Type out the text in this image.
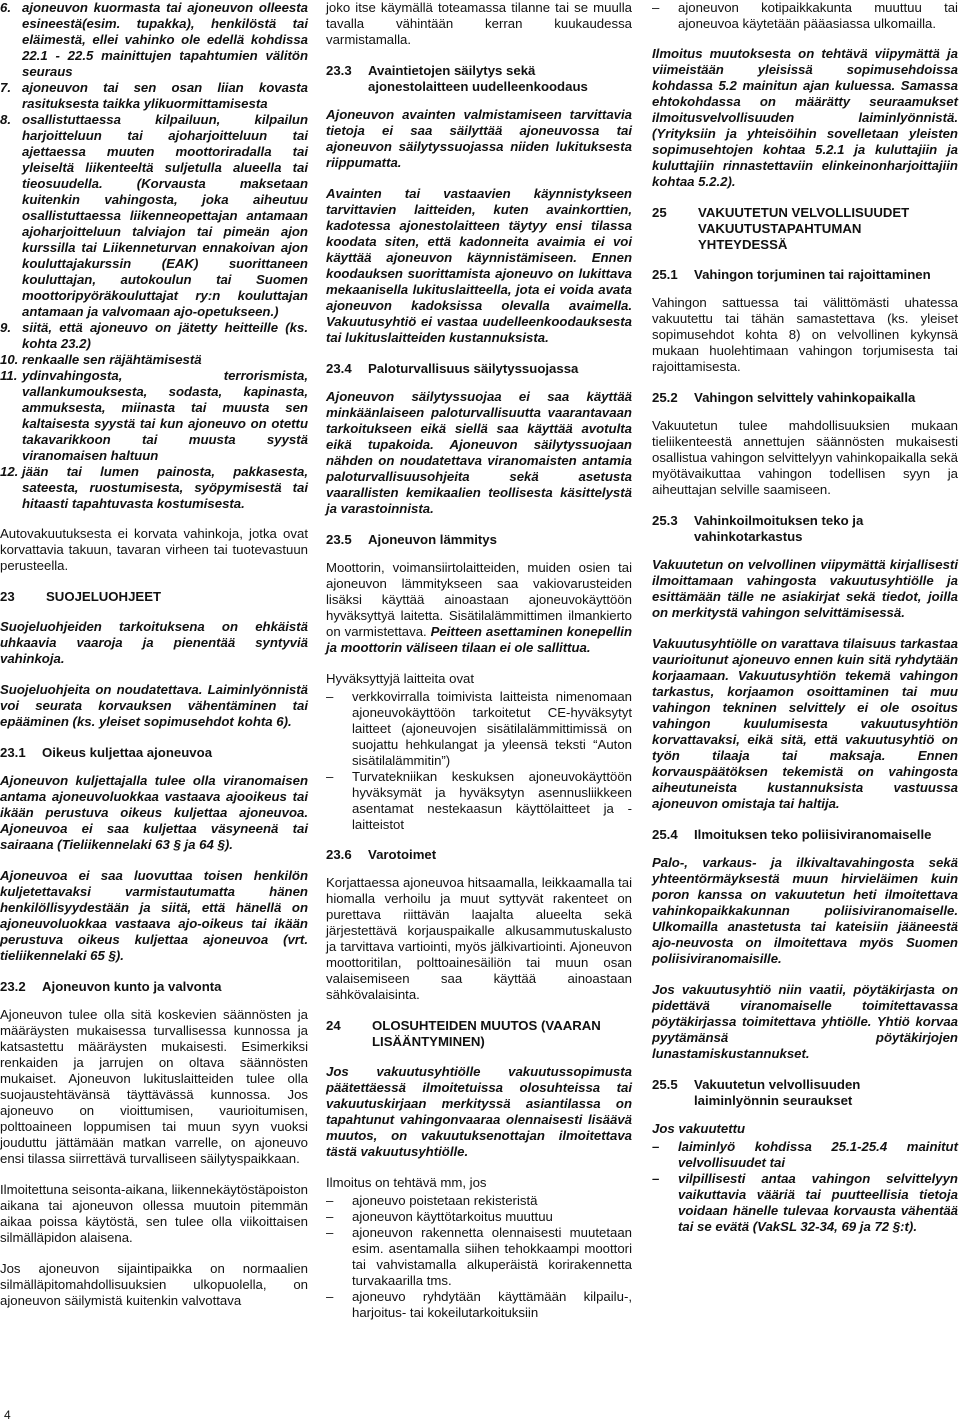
6. ajoneuvon kuormasta tai ajoneuvon olleesta esineestä(esim. tupakka), henkilöstä tai eläimestä, ellei vahinko ole edellä kohdissa 22.1 - 22.5 mainittujen tapahtumien välitön seuraus
7. ajoneuvon tai sen osan liian kovasta rasituksesta taikka ylikuormittamisesta
8. osallistuttaessa kilpailuun, kilpailun harjoitteluun tai ajoharjoitteluun tai ajettaessa muuten moottoriradalla tai yleiseltä liikenteeltä suljetulla alueella tai tieosuudella. (Korvausta maksetaan kuitenkin vahingosta, joka aiheutuu osallistuttaessa liikenneopettajan antamaan ajoharjoitteluun talviajon tai pimeän ajon kurssilla tai Liikenneturvan ennakoivan ajon kouluttajakurssin (EAK) suorittaneen kouluttajan, autokoulun tai Suomen moottoripyöräkouluttajat ry:n kouluttajan antamaan ja valvomaan ajo-opetukseen.)
9. siitä, että ajoneuvo on jätetty heitteille (ks. kohta 23.2)
10. renkaalle sen räjähtämisestä
11. ydinvahingosta, terrorismista, vallankumouksesta, sodasta, kapinasta, ammuksesta, miinasta tai muusta sen kaltaisesta syystä tai kun ajoneuvo on otettu takavarikkoon tai muusta syystä viranomaisen haltuun
12. jään tai lumen painosta, pakkasesta, sateesta, ruostumisesta, syöpymisestä tai hitaasti tapahtuvasta kostumisesta.

Autovakuutuksesta ei korvata vahinkoja, jotka ovat korvattavia takuun, tavaran virheen tai tuotevastuun perusteella.

23 SUOJELUOHJEET

Suojeluohjeiden tarkoituksena on ehkäistä uhkaavia vaaroja ja pienentää syntyviä vahinkoja.

Suojeluohjeita on noudatettava. Laiminlyönnistä voi seurata korvauksen vähentäminen tai epääminen (ks. yleiset sopimusehdot kohta 6).

23.1 Oikeus kuljettaa ajoneuvoa

Ajoneuvon kuljettajalla tulee olla viranomaisen antama ajoneuvoluokkaa vastaava ajooikeus tai ikään perustuva oikeus kuljettaa ajoneuvoa. Ajoneuvoa ei saa kuljettaa väsyneenä tai sairaana (Tieliikennelaki 63 § ja 64 §).

Ajoneuvoa ei saa luovuttaa toisen henkilön kuljetettavaksi varmistautumatta hänen henkilöllisyydestään ja siitä, että hänellä on ajoneuvoluokkaa vastaava ajo-oikeus tai ikään perustuva oikeus kuljettaa ajoneuvoa (vrt. tieliikennelaki 65 §).

23.2 Ajoneuvon kunto ja valvonta

Ajoneuvon tulee olla sitä koskevien säännösten ja määräysten mukaisessa turvallisessa kunnossa ja katsastettu määräysten mukaisesti. Esimerkiksi renkaiden ja jarrujen on oltava säännösten mukaiset. Ajoneuvon lukituslaitteiden tulee olla suojaustehtävänsä täyttävässä kunnossa. Jos ajoneuvo on vioittumisen, vaurioitumisen, polttoaineen loppumisen tai muun syyn vuoksi jouduttu jättämään matkan varrelle, on ajoneuvo ensi tilassa siirrettävä turvalliseen säilytyspaikkaan.

Ilmoitettuna seisonta-aikana, liikennekäytöstäpoiston aikana tai ajoneuvon ollessa muutoin pitemmän aikaa poissa käytöstä, sen tulee olla viikoittaisen silmälläpidon alaisena.

Jos ajoneuvon sijaintipaikka on normaalien silmälläpitomahdollisuuksien ulkopuolella, on ajoneuvon säilymistä kuitenkin valvottava

joko itse käymällä toteamassa tilanne tai se muulla tavalla vähintään kerran kuukaudessa varmistamalla.

23.3 Avaintietojen säilytys sekä ajonestolaitteen uudelleenkoodaus

Ajoneuvon avainten valmistamiseen tarvittavia tietoja ei saa säilyttää ajoneuvossa tai ajoneuvon säilytyssuojassa niiden lukituksesta riippumatta.

Avainten tai vastaavien käynnistykseen tarvittavien laitteiden, kuten avainkorttien, kadotessa ajonestolaitteen täytyy ensi tilassa koodata siten, että kadonneita avaimia ei voi käyttää ajoneuvon käynnistämiseen. Ennen koodauksen suorittamista ajoneuvo on lukittava mekaanisella lukituslaitteella, jota ei voida avata ajoneuvon kadoksissa olevalla avaimella. Vakuutusyhtiö ei vastaa uudelleenkoodauksesta tai lukituslaitteiden kustannuksista.

23.4 Paloturvallisuus säilytyssuojassa

Ajoneuvon säilytyssuojaa ei saa käyttää minkäänlaiseen paloturvallisuutta vaarantavaan tarkoitukseen eikä siellä saa käyttää avotulta eikä tupakoida. Ajoneuvon säilytyssuojaan nähden on noudatettava viranomaisten antamia paloturvallisuusohjeita sekä asetusta vaarallisten kemikaalien teollisesta käsittelystä ja varastoinnista.

23.5 Ajoneuvon lämmitys

Moottorin, voimansiirtolaitteiden, muiden osien tai ajoneuvon lämmitykseen saa vakiovarusteiden lisäksi käyttää ainoastaan ajoneuvokäyttöön hyväksyttyä laitetta. Sisätilalämmittimen ilmankierto on varmistettava. Peitteen asettaminen konepellin ja moottorin väliseen tilaan ei ole sallittua.

Hyväksyttyjä laitteita ovat

– verkkovirralla toimivista laitteista nimenomaan ajoneuvokäyttöön tarkoitetut CE-hyväksytyt laitteet (ajoneuvojen sisätilalämmittimissä on suojattu hehkulangat ja yleensä teksti “Auton sisätilalämmitin”)
– Turvatekniikan keskuksen ajoneuvokäyttöön hyväksymät ja hyväksytyn asennusliikkeen asentamat nestekaasun käyttölaitteet ja -laitteistot
23.6 Varotoimet

Korjattaessa ajoneuvoa hitsaamalla, leikkaamalla tai hiomalla verhoilu ja muut syttyvät rakenteet on purettava riittävän laajalta alueelta sekä järjestettävä korjauspaikalle alkusammutuskalusto ja tarvittava vartiointi, myös jälkivartiointi. Ajoneuvon moottoritilan, polttoainesäiliön tai muun osan valaisemiseen saa käyttää ainoastaan sähkövalaisinta.

24 OLOSUHTEIDEN MUUTOS (VAARAN LISÄÄNTYMINEN)

Jos vakuutusyhtiölle vakuutussopimusta päätettäessä ilmoitetuissa olosuhteissa tai vakuutuskirjaan merkityssä asiantilassa on tapahtunut vahingonvaaraa olennaisesti lisäävä muutos, on vakuutuksenottajan ilmoitettava tästä vakuutusyhtiölle.

Ilmoitus on tehtävä mm, jos

– ajoneuvo poistetaan rekisteristä
– ajoneuvon käyttötarkoitus muuttuu
– ajoneuvon rakennetta olennaisesti muutetaan esim. asentamalla siihen tehokkaampi moottori tai vahvistamalla alkuperäistä korirakennetta turvakaarilla tms.
– ajoneuvo ryhdytään käyttämään kilpailu-, harjoitus- tai kokeilutarkoituksiin
– ajoneuvon kotipaikkakunta muuttuu tai ajoneuvoa käytetään pääasiassa ulkomailla.

Ilmoitus muutoksesta on tehtävä viipymättä ja viimeistään yleisissä sopimusehdoissa kohdassa 5.2 mainitun ajan kuluessa. Samassa ehtokohdassa on määrätty seuraamukset ilmoitusvelvollisuuden laiminlyönnistä. (Yrityksiin ja yhteisöihin sovelletaan yleisten sopimusehtojen kohtaa 5.2.1 ja kuluttajiin ja kuluttajiin rinnastettaviin elinkeinonharjoittajiin kohtaa 5.2.2).

25 VAKUUTETUN VELVOLLISUUDET VAKUUTUSTAPAHTUMAN YHTEYDESSÄ
25.1 Vahingon torjuminen tai rajoittaminen

Vahingon sattuessa tai välittömästi uhatessa vakuutettu tai tähän samastettava (ks. yleiset sopimusehdot kohta 8) on velvollinen kykynsä mukaan huolehtimaan vahingon torjumisesta tai rajoittamisesta.

25.2 Vahingon selvittely vahinkopaikalla

Vakuutetun tulee mahdollisuuksien mukaan tieliikenteestä annettujen säännösten mukaisesti osallistua vahingon selvittelyyn vahinkopaikalla sekä myötävaikuttaa vahingon todellisen syyn ja aiheuttajan selville saamiseen.

25.3 Vahinkoilmoituksen teko ja vahinkotarkastus

Vakuutetun on velvollinen viipymättä kirjallisesti ilmoittamaan vahingosta vakuutusyhtiölle ja esittämään tälle ne asiakirjat sekä tiedot, joilla on merkitystä vahingon selvittämisessä.

Vakuutusyhtiölle on varattava tilaisuus tarkastaa vaurioitunut ajoneuvo ennen kuin sitä ryhdytään korjaamaan. Vakuutusyhtiön tekemä vahingon tarkastus, korjaamon osoittaminen tai muu vahingon tekninen selvittely ei ole osoitus vahingon kuulumisesta vakuutusyhtiön korvattavaksi, eikä sitä, että vakuutusyhtiö on työn tilaaja tai maksaja. Ennen korvauspäätöksen tekemistä on vahingosta aiheutuneista kustannuksista vastuussa ajoneuvon omistaja tai haltija.

25.4 Ilmoituksen teko poliisiviranomaiselle

Palo-, varkaus- ja ilkivaltavahingosta sekä yhteentörmäyksestä muun hirvieläimen kuin poron kanssa on vakuutetun heti ilmoitettava vahinkopaikkakunnan poliisiviranomaiselle. Ulkomailla anastetusta tai kateisiin jääneestä ajo-neuvosta on ilmoitettava myös Suomen poliisiviranomaisille.

Jos vakuutusyhtiö niin vaatii, pöytäkirjasta on pidettävä viranomaiselle toimitettavassa pöytäkirjassa toimitettava yhtiölle. Yhtiö korvaa pyytämänsä pöytäkirjojen lunastamiskustannukset.

25.5 Vakuutetun velvollisuuden laiminlyönnin seuraukset

Jos vakuutettu

– laiminlyö kohdissa 25.1-25.4 mainitut velvollisuudet tai
– vilpillisesti antaa vahingon selvittelyyn vaikuttavia vääriä tai puutteellisia tietoja voidaan hänelle tulevaa korvausta vähentää tai se evätä (VakSL 32-34, 69 ja 72 §:t).
4
